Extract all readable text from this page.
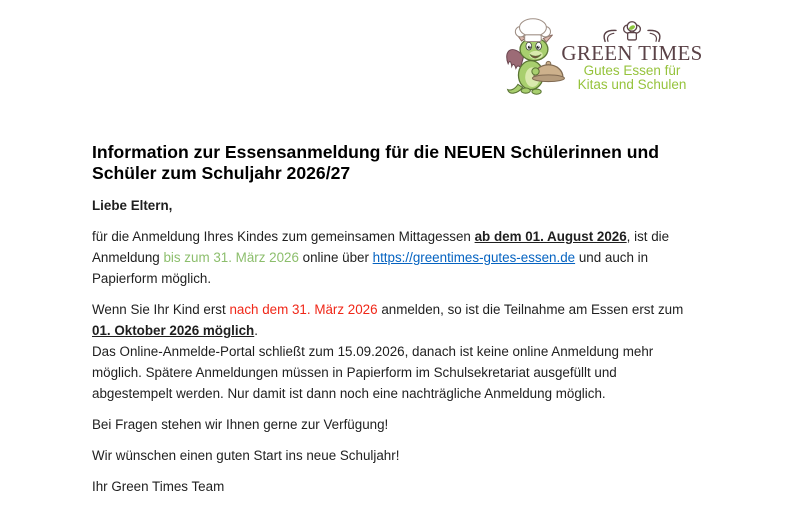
GREEN TIMES
Gutes Essen für
Kitas und Schulen
Information zur Essensanmeldung für die NEUEN Schülerinnen und
Schüler zum Schuljahr 2026/27
Liebe Eltern,
für die Anmeldung Ihres Kindes zum gemeinsamen Mittagessen ab dem 01. August 2026, ist die
Anmeldung bis zum 31. März 2026 online über https://greentimes-gutes-essen.de und auch in
Papierform möglich.
Wenn Sie Ihr Kind erst nach dem 31. März 2026 anmelden, so ist die Teilnahme am Essen erst zum
01. Oktober 2026 möglich.
Das Online-Anmelde-Portal schließt zum 15.09.2026, danach ist keine online Anmeldung mehr
möglich. Spätere Anmeldungen müssen in Papierform im Schulsekretariat ausgefüllt und
abgestempelt werden. Nur damit ist dann noch eine nachträgliche Anmeldung möglich.
Bei Fragen stehen wir Ihnen gerne zur Verfügung!
Wir wünschen einen guten Start ins neue Schuljahr!
Ihr Green Times Team
